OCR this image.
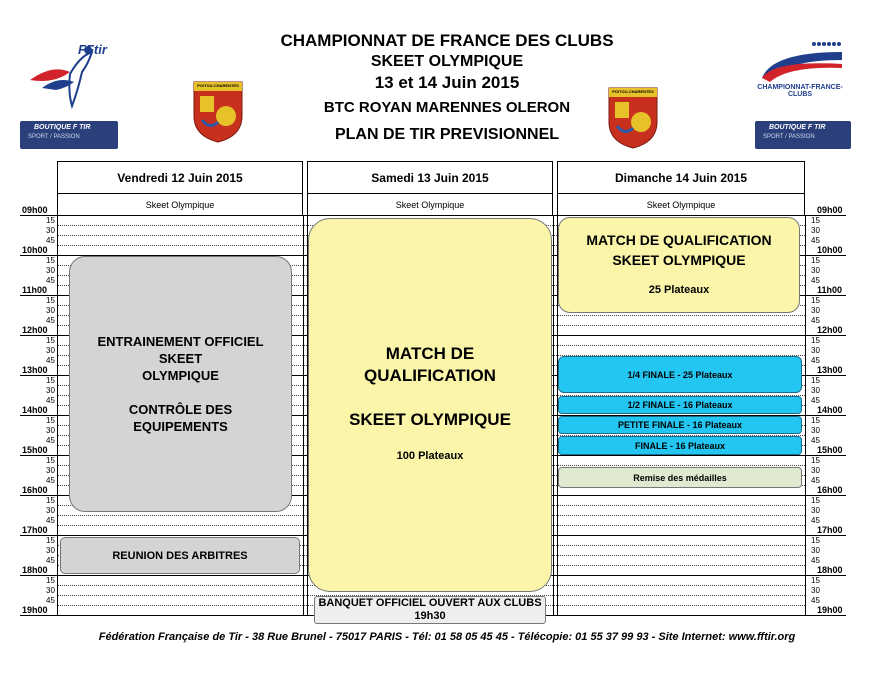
CHAMPIONNAT DE FRANCE DES CLUBS
SKEET OLYMPIQUE
13 et 14 Juin 2015
BTC ROYAN MARENNES OLERON
PLAN DE TIR PREVISIONNEL
FFtir
BOUTIQUE F TIR
SPORT / PASSION
POITOU-CHARENTES
POITOU-CHARENTES
CHAMPIONNAT-FRANCE-CLUBS
BOUTIQUE F TIR
SPORT / PASSION
Vendredi 12 Juin 2015	Samedi 13 Juin 2015	Dimanche 14 Juin 2015
Skeet Olympique	Skeet Olympique	Skeet Olympique
09h00	09h00
15	15
30	30
45	45
10h00	10h00
15	15
30	30
45	45
11h00	11h00
15	15
30	30
45	45
12h00	12h00
15	15
30	30
45	45
13h00	13h00
15	15
30	30
45	45
14h00	14h00
15	15
30	30
45	45
15h00	15h00
15	15
30	30
45	45
16h00	16h00
15	15
30	30
45	45
17h00	17h00
15	15
30	30
45	45
18h00	18h00
15	15
30	30
45	45
19h00	19h00
ENTRAINEMENT OFFICIEL
SKEET
OLYMPIQUE
CONTRÔLE DES
EQUIPEMENTS
REUNION DES ARBITRES
MATCH DE
QUALIFICATION
SKEET OLYMPIQUE
100 Plateaux
BANQUET OFFICIEL OUVERT AUX CLUBS
19h30
MATCH DE QUALIFICATION
SKEET OLYMPIQUE
25 Plateaux
1/4 FINALE - 25 Plateaux
1/2 FINALE - 16 Plateaux
PETITE FINALE - 16 Plateaux
FINALE - 16 Plateaux
Remise des médailles
Fédération Française de Tir - 38 Rue Brunel - 75017 PARIS - Tél: 01 58 05 45 45 - Télécopie: 01 55 37 99 93 - Site Internet: www.fftir.org
